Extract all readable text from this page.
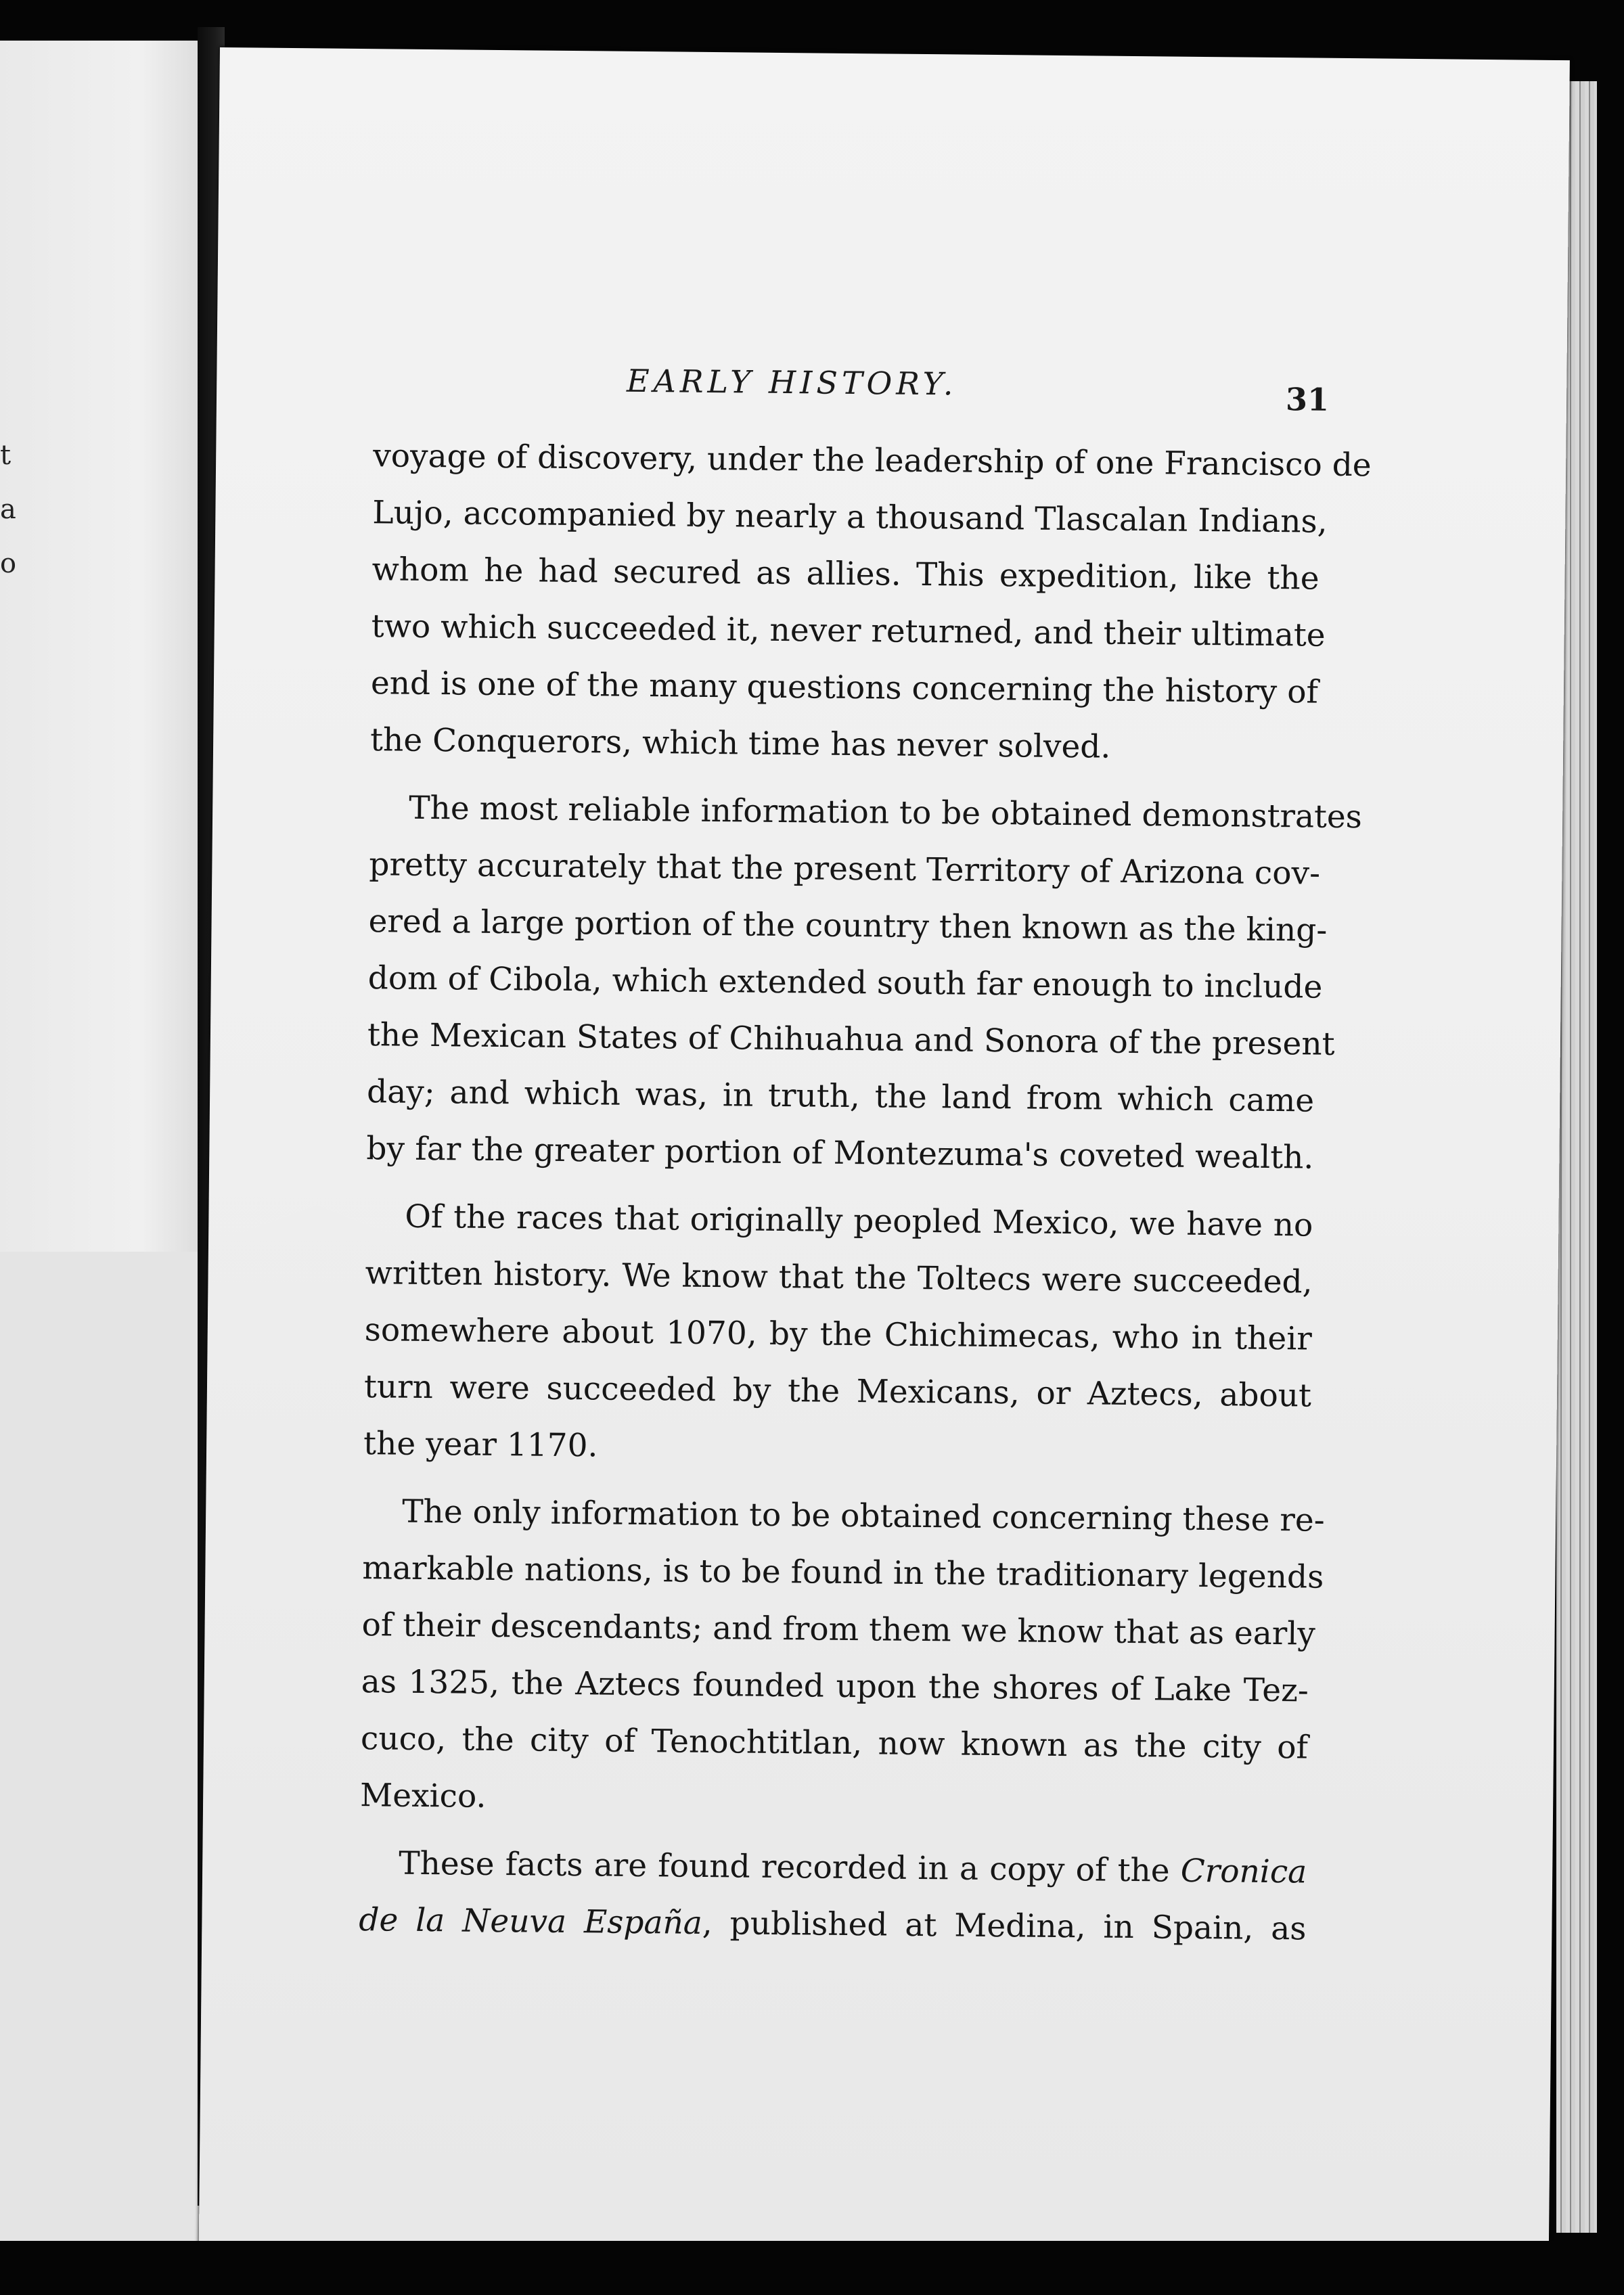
t
a
o
EARLY HISTORY.	31
voyage of discovery, under the leadership of one Francisco de
Lujo, accompanied by nearly a thousand Tlascalan Indians,
whom he had secured as allies. This expedition, like the
two which succeeded it, never returned, and their ultimate
end is one of the many questions concerning the history of
the Conquerors, which time has never solved.
The most reliable information to be obtained demonstrates
pretty accurately that the present Territory of Arizona cov-
ered a large portion of the country then known as the king-
dom of Cibola, which extended south far enough to include
the Mexican States of Chihuahua and Sonora of the present
day; and which was, in truth, the land from which came
by far the greater portion of Montezuma's coveted wealth.
Of the races that originally peopled Mexico, we have no
written history. We know that the Toltecs were succeeded,
somewhere about 1070, by the Chichimecas, who in their
turn were succeeded by the Mexicans, or Aztecs, about
the year 1170.
The only information to be obtained concerning these re-
markable nations, is to be found in the traditionary legends
of their descendants; and from them we know that as early
as 1325, the Aztecs founded upon the shores of Lake Tez-
cuco, the city of Tenochtitlan, now known as the city of
Mexico.
These facts are found recorded in a copy of the Cronica
de la Neuva España, published at Medina, in Spain, as
